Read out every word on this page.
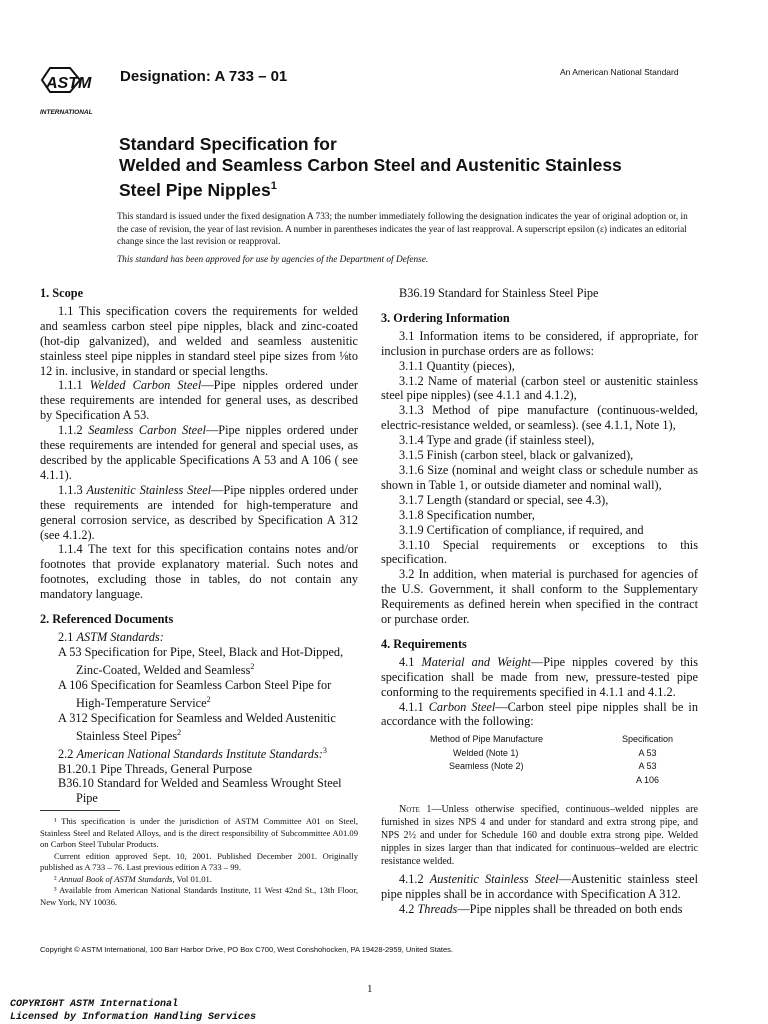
ASTM
INTERNATIONAL
Designation: A 733 – 01	An American National Standard
Standard Specification for
Welded and Seamless Carbon Steel and Austenitic Stainless
Steel Pipe Nipples$^1$
This standard is issued under the fixed designation A 733; the number immediately following the designation indicates the year of original adoption or, in the case of revision, the year of last revision. A number in parentheses indicates the year of last reapproval. A superscript epsilon (ε) indicates an editorial change since the last revision or reapproval.
This standard has been approved for use by agencies of the Department of Defense.
1. Scope

1.1 This specification covers the requirements for welded and seamless carbon steel pipe nipples, black and zinc-coated (hot-dip galvanized), and welded and seamless austenitic stainless steel pipe nipples in standard steel pipe sizes from ⅛to 12 in. inclusive, in standard or special lengths.

1.1.1 Welded Carbon Steel—Pipe nipples ordered under these requirements are intended for general uses, as described by Specification A 53.

1.1.2 Seamless Carbon Steel—Pipe nipples ordered under these requirements are intended for general and special uses, as described by the applicable Specifications A 53 and A 106 ( see 4.1.1).

1.1.3 Austenitic Stainless Steel—Pipe nipples ordered under these requirements are intended for high-temperature and general corrosion service, as described by Specification A 312 (see 4.1.2).

1.1.4 The text for this specification contains notes and/or footnotes that provide explanatory material. Such notes and footnotes, excluding those in tables, do not contain any mandatory language.

2. Referenced Documents

2.1 ASTM Standards:

A 53 Specification for Pipe, Steel, Black and Hot-Dipped, Zinc-Coated, Welded and Seamless$^2$

A 106 Specification for Seamless Carbon Steel Pipe for High-Temperature Service$^2$

A 312 Specification for Seamless and Welded Austenitic Stainless Steel Pipes$^2$

2.2 American National Standards Institute Standards:$^3$

B1.20.1 Pipe Threads, General Purpose

B36.10 Standard for Welded and Seamless Wrought Steel Pipe

¹ This specification is under the jurisdiction of ASTM Committee A01 on Steel, Stainless Steel and Related Alloys, and is the direct responsibility of Subcommittee A01.09 on Carbon Steel Tubular Products.

Current edition approved Sept. 10, 2001. Published December 2001. Originally published as A 733 – 76. Last previous edition A 733 – 99.

² Annual Book of ASTM Standards, Vol 01.01.

³ Available from American National Standards Institute, 11 West 42nd St., 13th Floor, New York, NY 10036.

B36.19 Standard for Stainless Steel Pipe

3. Ordering Information

3.1 Information items to be considered, if appropriate, for inclusion in purchase orders are as follows:

3.1.1 Quantity (pieces),

3.1.2 Name of material (carbon steel or austenitic stainless steel pipe nipples) (see 4.1.1 and 4.1.2),

3.1.3 Method of pipe manufacture (continuous-welded, electric-resistance welded, or seamless). (see 4.1.1, Note 1),

3.1.4 Type and grade (if stainless steel),

3.1.5 Finish (carbon steel, black or galvanized),

3.1.6 Size (nominal and weight class or schedule number as shown in Table 1, or outside diameter and nominal wall),

3.1.7 Length (standard or special, see 4.3),

3.1.8 Specification number,

3.1.9 Certification of compliance, if required, and

3.1.10 Special requirements or exceptions to this specification.

3.2 In addition, when material is purchased for agencies of the U.S. Government, it shall conform to the Supplementary Requirements as defined herein when specified in the contract or purchase order.

4. Requirements

4.1 Material and Weight—Pipe nipples covered by this specification shall be made from new, pressure-tested pipe conforming to the requirements specified in 4.1.1 and 4.1.2.

4.1.1 Carbon Steel—Carbon steel pipe nipples shall be in accordance with the following:

Method of Pipe Manufacture	Specification
Welded (Note 1)	A 53
Seamless (Note 2)	A 53
	A 106

Note 1—Unless otherwise specified, continuous–welded nipples are furnished in sizes NPS 4 and under for standard and extra strong pipe, and NPS 2½ and under for Schedule 160 and double extra strong pipe. Welded nipples in sizes larger than that indicated for continuous–welded are electric resistance welded.

4.1.2 Austenitic Stainless Steel—Austenitic stainless steel pipe nipples shall be in accordance with Specification A 312.

4.2 Threads—Pipe nipples shall be threaded on both ends

Copyright © ASTM International, 100 Barr Harbor Drive, PO Box C700, West Conshohocken, PA 19428-2959, United States.
1
COPYRIGHT ASTM International
Licensed by Information Handling Services
